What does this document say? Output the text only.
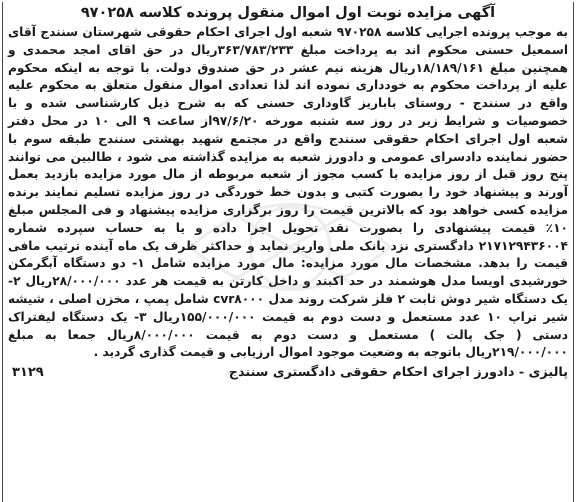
آگهی مزایده نوبت اول اموال منقول پرونده کلاسه ۹۷۰۲۵۸

به موجب پرونده اجرایی کلاسه ۹۷۰۲۵۸ شعبه اول اجرای احکام حقوقی شهرستان سنندج آقای اسمعیل حسنی محکوم اند به پرداخت مبلغ ۳۶۳/۷۸۳/۲۳۳ریال در حق اقای امجد محمدی و همچنین مبلغ ۱۸/۱۸۹/۱۶۱ریال هزینه نیم عشر در حق صندوق دولت. با توجه به اینکه محکوم علیه از پرداخت محکوم به خودداری نموده اند لذا تعدادی اموال منقول متعلق به محکوم علیه واقع در سنندج - روستای باباریز گاوداری حسنی که به شرح ذیل کارشناسی شده و با خصوصیات و شرایط زیر در روز سه شنبه مورخه ۹۷/۶/۲۰از ساعت ۹ الی ۱۰ در محل دفتر شعبه اول اجرای احکام حقوقی سنندج واقع در مجتمع شهید بهشتی سنندج طبقه سوم با حضور نماینده دادسرای عمومی و دادورز شعبه به مزایده گذاشته می شود ، طالبین می توانند پنج روز قبل از روز مزایده با کسب مجوز از شعبه مربوطه از مال مورد مزایده بازدید بعمل آورند و پیشنهاد خود را بصورت کتبی و بدون خط خوردگی در روز مزایده تسلیم نمایند برنده مزایده کسی خواهد بود که بالاترین قیمت را روز برگزاری مزایده پیشنهاد و فی المجلس مبلغ ۱۰٪ قیمت پیشنهادی را بصورت نقد تحویل اجرا داده و یا به حساب سپرده شماره ۲۱۷۱۲۹۴۳۶۰۰۴ دادگستری نزد بانک ملی واریز نماید و حداکثر ظرف یک ماه آینده ترتیب مافی قیمت را بدهد. مشخصات مال مورد مزایده: مال مورد مزایده شامل ۱- دو دستگاه آبگرمکن خورشیدی اویسا مدل هوشمند در حد اکبند و داخل کارتن به قیمت هر عدد ۲۸/۰۰۰/۰۰۰ریال ۲- یک دستگاه شیر دوش ثابت ۲ فلز شرکت روند مدل cvr۸۰۰۰ شامل پمپ ، مخزن اصلی ، شیشه شیر تراپ ۱۰ عدد مستعمل و دست دوم به قیمت ۱۵۵/۰۰۰/۰۰۰ریال ۳- یک دستگاه لیفتراک دستی ( جک پالت ) مستعمل و دست دوم به قیمت ۸/۰۰۰/۰۰۰ریال جمعا به مبلغ ۲۱۹/۰۰۰/۰۰۰ریال باتوجه به وضعیت موجود اموال ارزیابی و قیمت گذاری گردید .

پالیزی - دادورز اجرای احکام حقوقی دادگستری سنندج
۳۱۲۹
